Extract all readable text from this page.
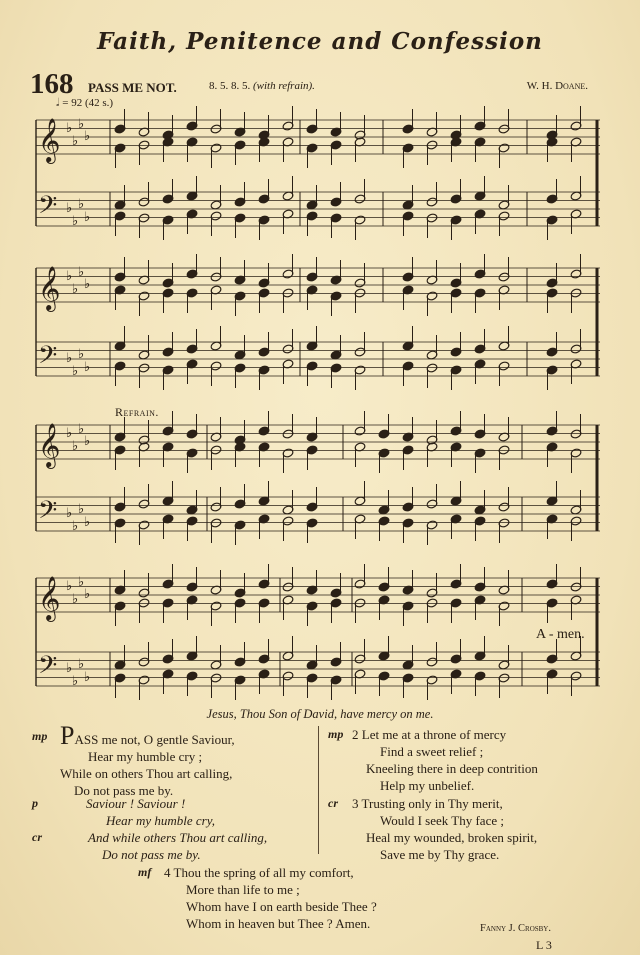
Faith, Penitence and Confession
168 PASS ME NOT.	8. 5. 8. 5. (with refrain).	W. H. Doane.
𝅗𝅥 = 92 (42 s.)
𝄞 ♭
♭
♭
♭
𝄢 ♭
♭
♭
♭
𝄞 ♭
♭
♭
♭
𝄢 ♭
♭
♭
♭
𝄞 ♭
♭
♭
♭
𝄢 ♭
♭
♭
♭
𝄞 ♭
♭
♭
♭
𝄢 ♭
♭
♭
♭
Refrain.
A - men.
Jesus, Thou Son of David, have mercy on me.
mp PASS me not, O gentle Saviour,
Hear my humble cry ;
While on others Thou art calling,
Do not pass me by.
p
cr
Saviour ! Saviour !
Hear my humble cry,
And while others Thou art calling,
Do not pass me by.
mp 2 Let me at a throne of mercy
Find a sweet relief ;
Kneeling there in deep contrition
Help my unbelief.
cr 3 Trusting only in Thy merit,
Would I seek Thy face ;
Heal my wounded, broken spirit,
Save me by Thy grace.
mf 4 Thou the spring of all my comfort,
More than life to me ;
Whom have I on earth beside Thee ?
Whom in heaven but Thee ? Amen.	Fanny J. Crosby.
L 3
